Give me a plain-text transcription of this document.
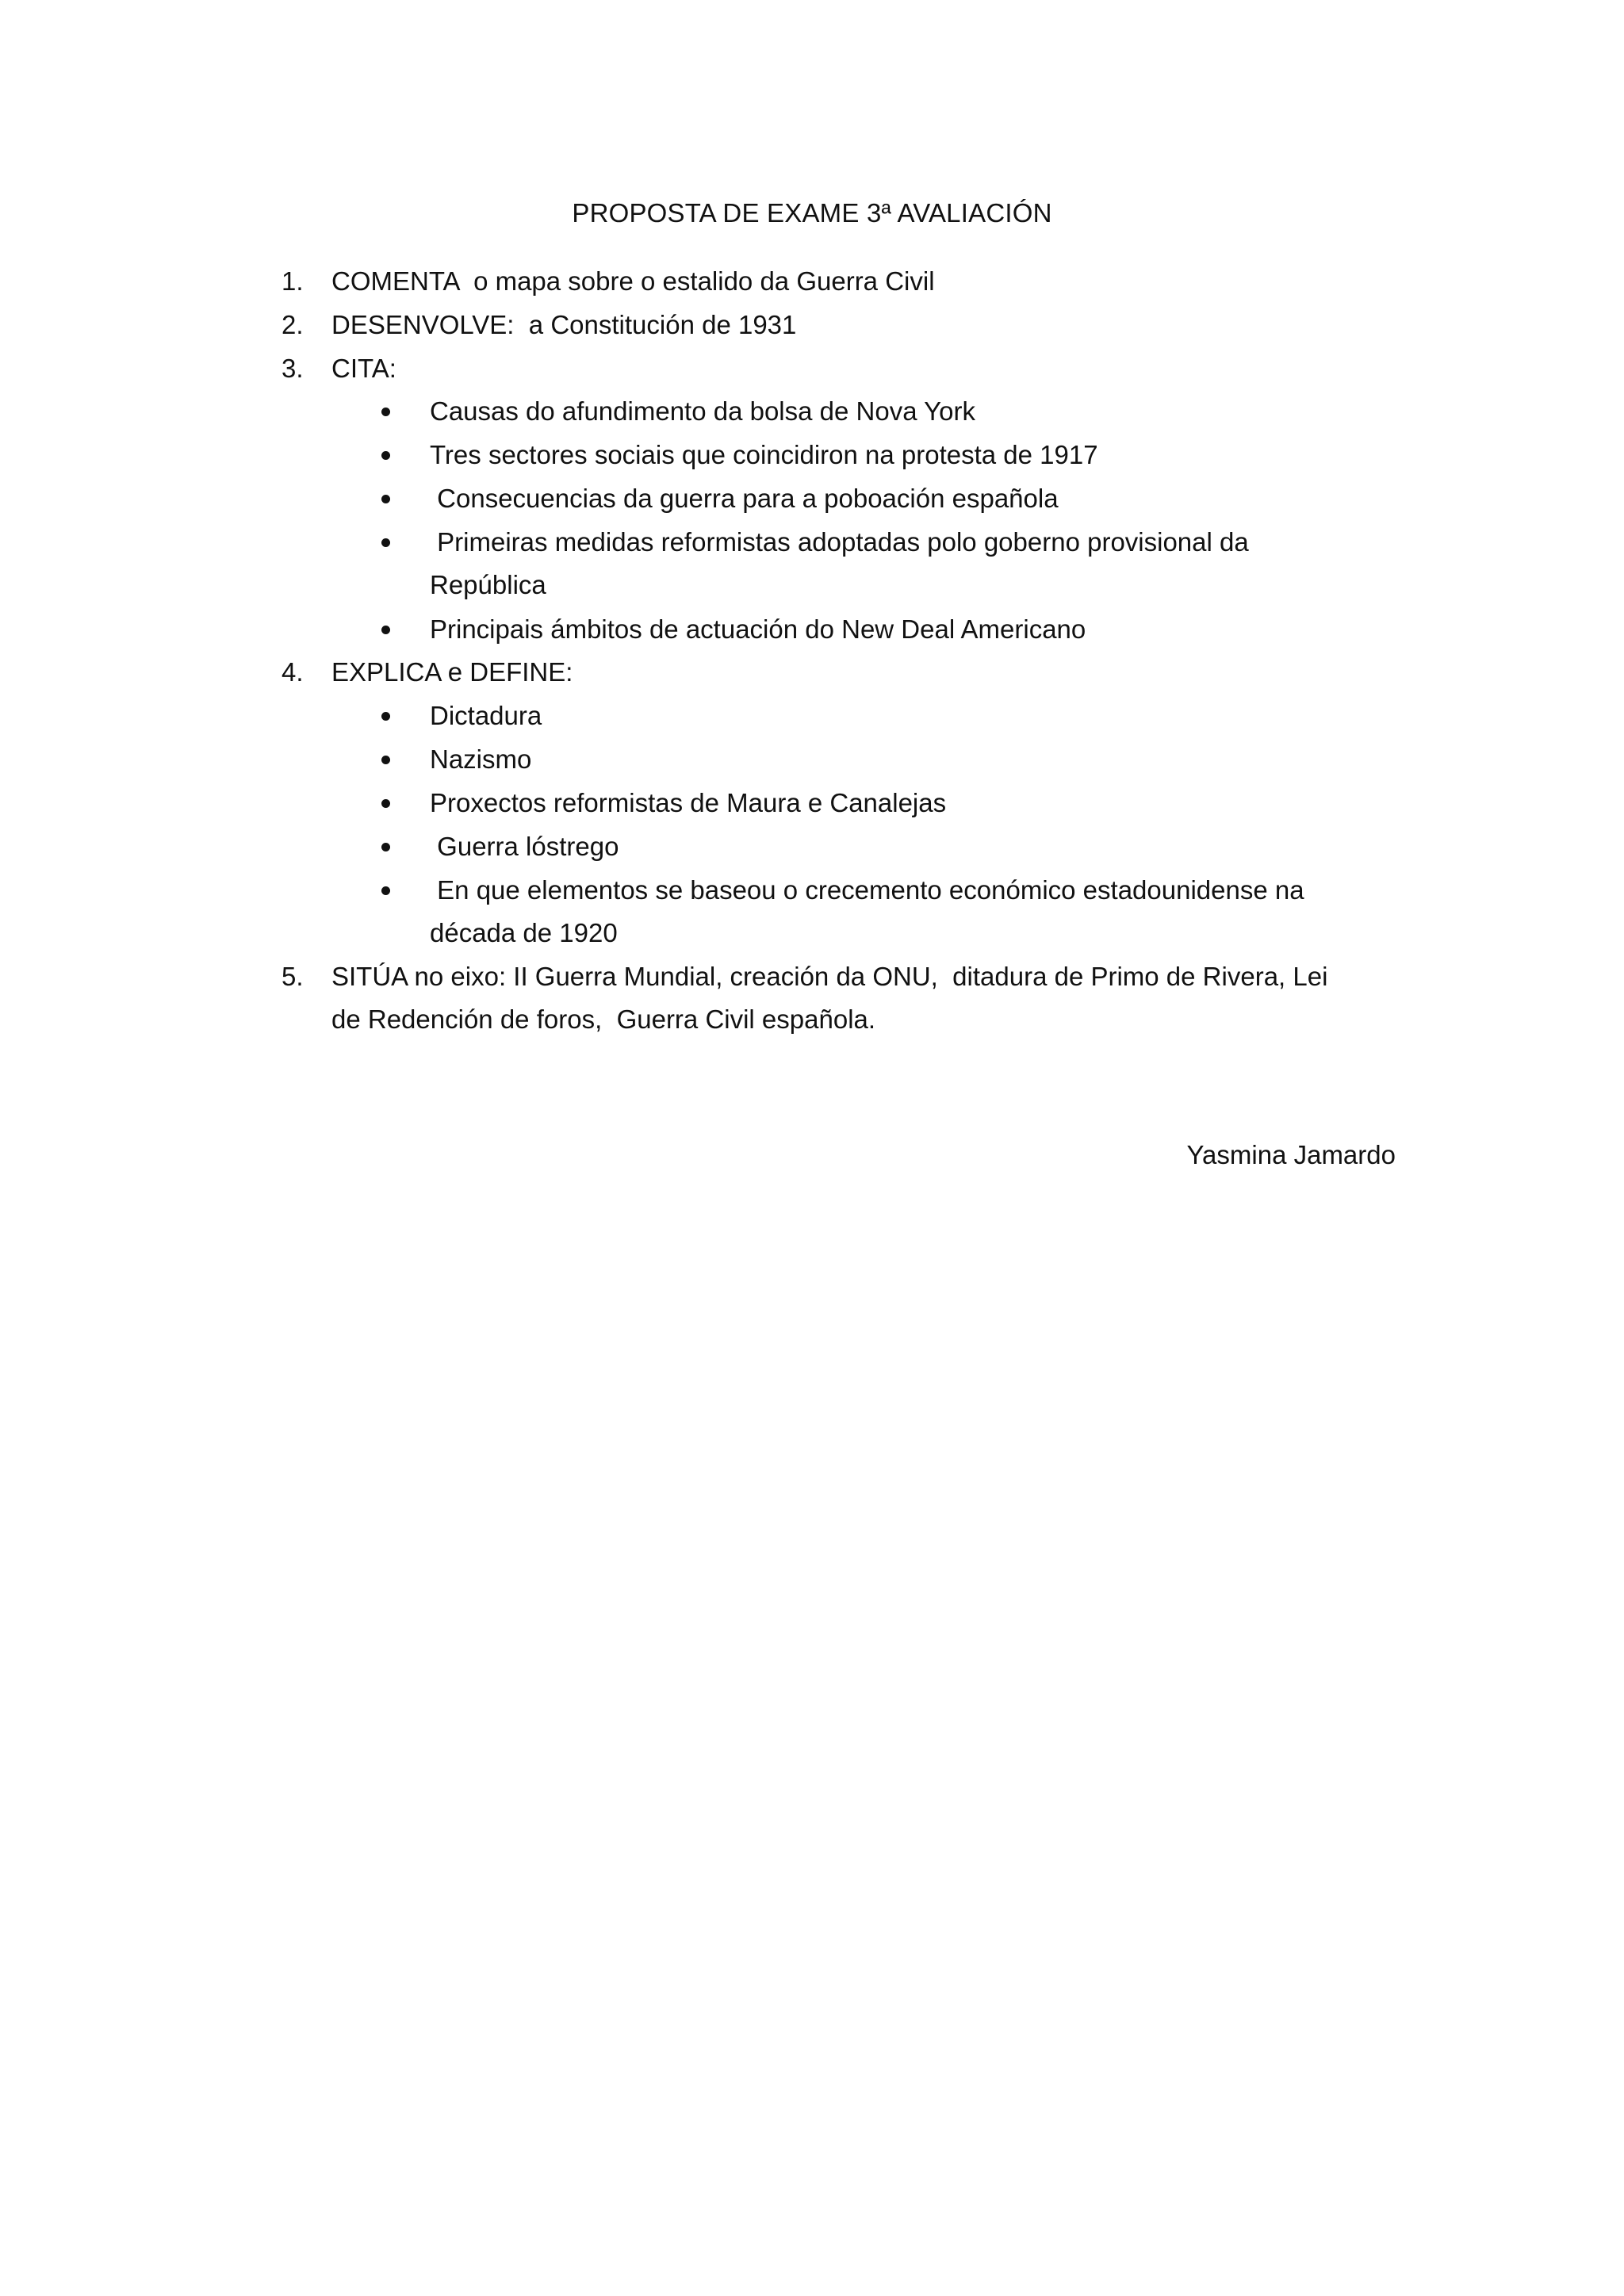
PROPOSTA DE EXAME 3ª AVALIACIÓN
1. COMENTA  o mapa sobre o estalido da Guerra Civil
2. DESENVOLVE:  a Constitución de 1931
3. CITA:
Causas do afundimento da bolsa de Nova York
Tres sectores sociais que coincidiron na protesta de 1917
Consecuencias da guerra para a poboación española
Primeiras medidas reformistas adoptadas polo goberno provisional da República
Principais ámbitos de actuación do New Deal Americano
4. EXPLICA e DEFINE:
Dictadura
Nazismo
Proxectos reformistas de Maura e Canalejas
Guerra lóstrego
En que elementos se baseou o crecemento económico estadounidense na década de 1920
5. SITÚA no eixo: II Guerra Mundial, creación da ONU,  ditadura de Primo de Rivera, Lei de Redención de foros,  Guerra Civil española.
Yasmina Jamardo
